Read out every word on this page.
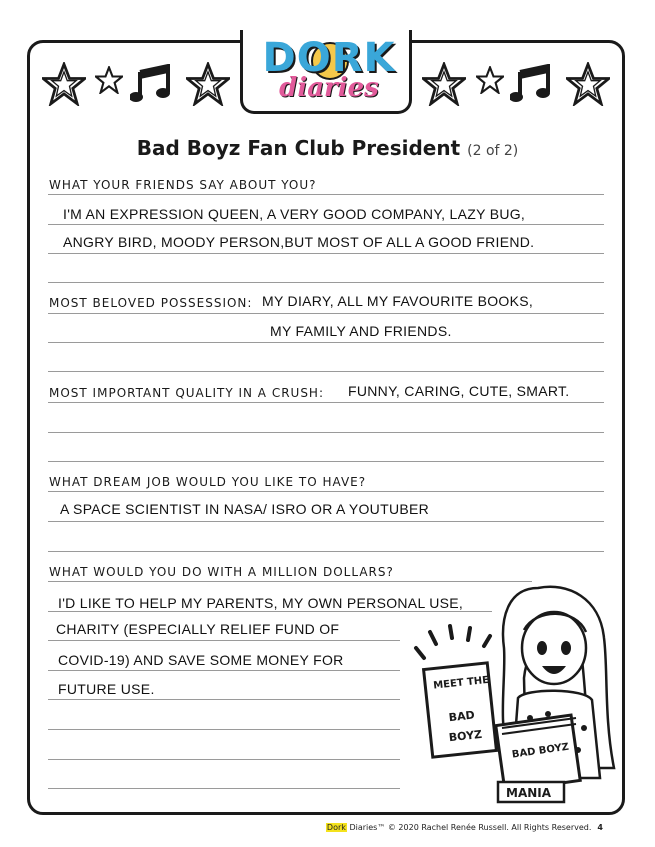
DORK
diaries
Bad Boyz Fan Club President (2 of 2)
WHAT YOUR FRIENDS SAY ABOUT YOU?
I'M AN EXPRESSION QUEEN, A VERY GOOD COMPANY, LAZY BUG,
ANGRY BIRD, MOODY PERSON,BUT MOST OF ALL A GOOD FRIEND.
MOST BELOVED POSSESSION: MY DIARY, ALL MY FAVOURITE BOOKS,
MY FAMILY AND FRIENDS.
MOST IMPORTANT QUALITY IN A CRUSH: FUNNY, CARING, CUTE, SMART.
WHAT DREAM JOB WOULD YOU LIKE TO HAVE?
A SPACE SCIENTIST IN NASA/ ISRO OR A YOUTUBER
WHAT WOULD YOU DO WITH A MILLION DOLLARS?
I'D LIKE TO HELP MY PARENTS, MY OWN PERSONAL USE,
CHARITY (ESPECIALLY RELIEF FUND OF
COVID-19) AND SAVE SOME MONEY FOR
FUTURE USE.	MEET THE
BAD
BOYZ
BAD BOYZ
MANIA
Dork Diaries™ © 2020 Rachel Renée Russell. All Rights Reserved. 4
